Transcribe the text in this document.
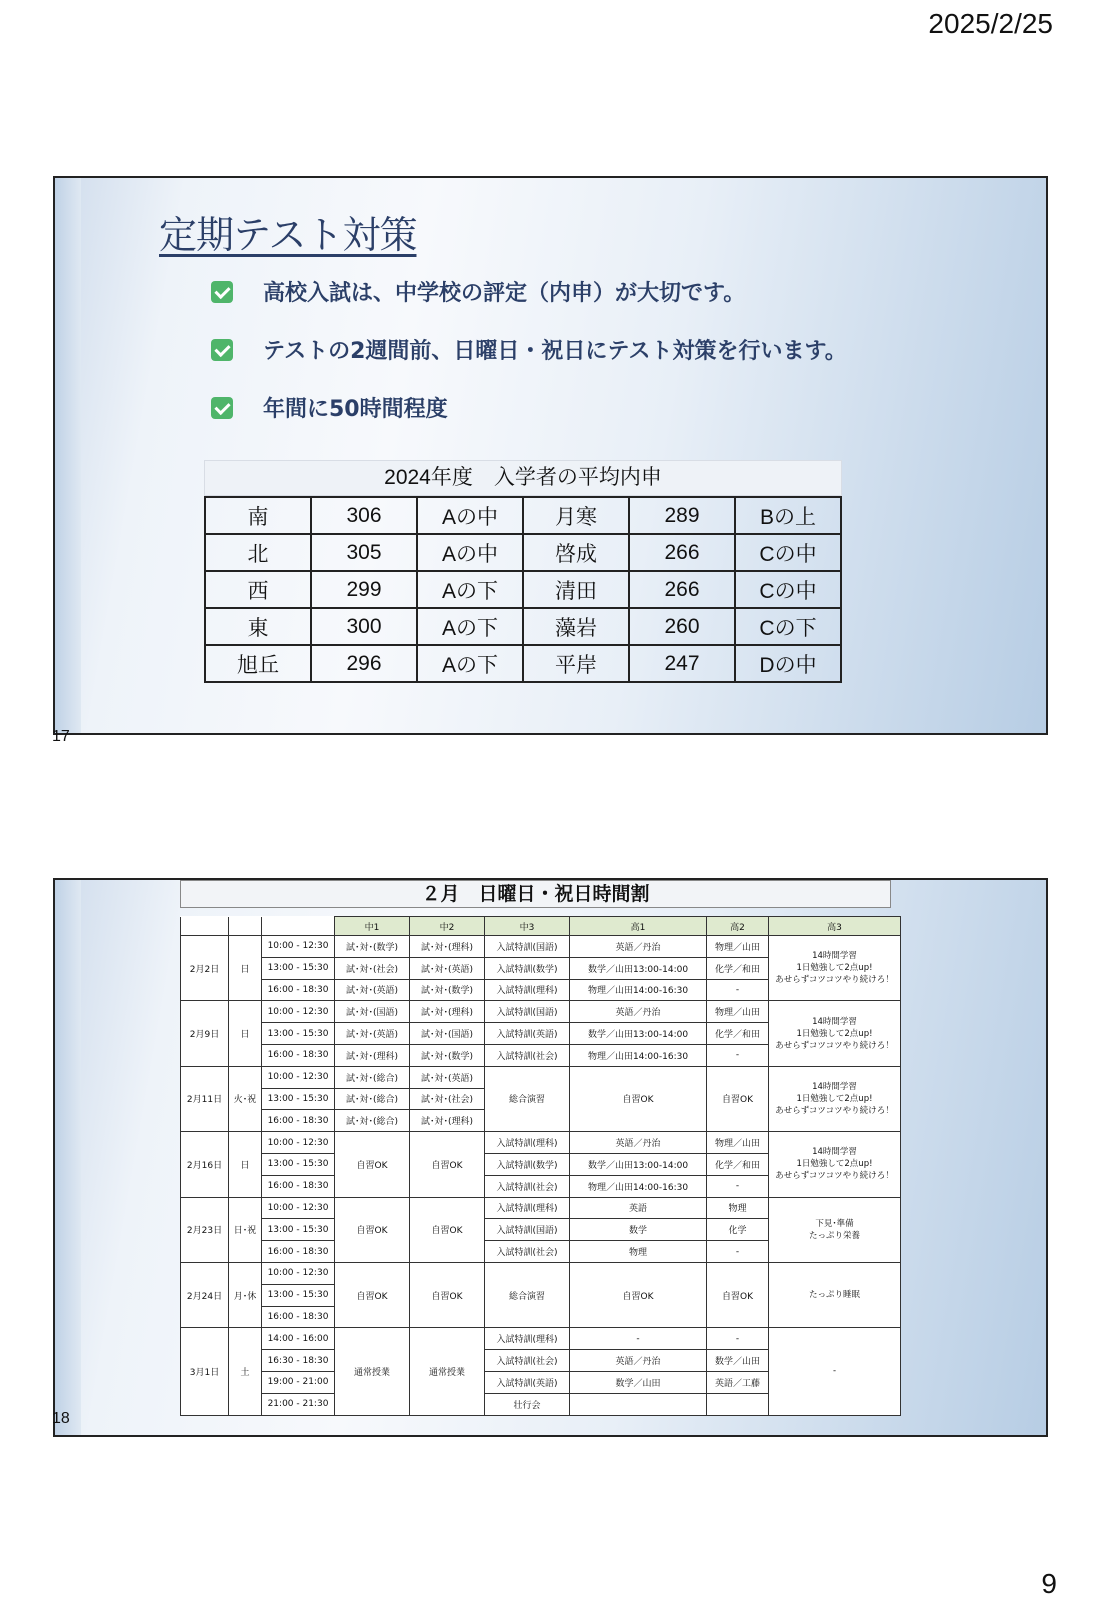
2025/2/25
定期テスト対策
高校入試は、中学校の評定（内申）が大切です。
テストの2週間前、日曜日・祝日にテスト対策を行います。
年間に50時間程度
2024年度　入学者の平均内申
南	306	Aの中	月寒	289	Bの上
北	305	Aの中	啓成	266	Cの中
西	299	Aの下	清田	266	Cの中
東	300	Aの下	藻岩	260	Cの下
旭丘	296	Aの下	平岸	247	Dの中
17
２月　日曜日・祝日時間割
			中1	中2	中3	高1	高2	高3
2月2日	日	10:00 - 12:30	試･対･(数学)	試･対･(理科)	入試特訓(国語)	英語／丹治	物理／山田	14時間学習
1日勉強して2点up!
あせらずコツコツやり続けろ！

		13:00 - 15:30	試･対･(社会)	試･対･(英語)	入試特訓(数学)	数学／山田13:00-14:00	化学／和田	
		16:00 - 18:30	試･対･(英語)	試･対･(数学)	入試特訓(理科)	物理／山田14:00-16:30	-	
2月9日	日	10:00 - 12:30	試･対･(国語)	試･対･(理科)	入試特訓(国語)	英語／丹治	物理／山田	14時間学習
1日勉強して2点up!
あせらずコツコツやり続けろ！

		13:00 - 15:30	試･対･(英語)	試･対･(国語)	入試特訓(英語)	数学／山田13:00-14:00	化学／和田	
		16:00 - 18:30	試･対･(理科)	試･対･(数学)	入試特訓(社会)	物理／山田14:00-16:30	-	
2月11日	火･祝	10:00 - 12:30	試･対･(総合)	試･対･(英語)	総合演習	自習OK	自習OK	14時間学習
1日勉強して2点up!
あせらずコツコツやり続けろ！

		13:00 - 15:30	試･対･(総合)	試･対･(社会)				
		16:00 - 18:30	試･対･(総合)	試･対･(理科)				
2月16日	日	10:00 - 12:30	自習OK	自習OK	入試特訓(理科)	英語／丹治	物理／山田	14時間学習
1日勉強して2点up!
あせらずコツコツやり続けろ！

		13:00 - 15:30			入試特訓(数学)	数学／山田13:00-14:00	化学／和田	
		16:00 - 18:30			入試特訓(社会)	物理／山田14:00-16:30	-	
2月23日	日･祝	10:00 - 12:30	自習OK	自習OK	入試特訓(理科)	英語	物理	下見･準備
たっぷり栄養

		13:00 - 15:30			入試特訓(国語)	数学	化学	
		16:00 - 18:30			入試特訓(社会)	物理	-	
2月24日	月･休	10:00 - 12:30	自習OK	自習OK	総合演習	自習OK	自習OK	たっぷり睡眠

		13:00 - 15:30						
		16:00 - 18:30						
3月1日	土	14:00 - 16:00	通常授業	通常授業	入試特訓(理科)	-	-	-

		16:30 - 18:30			入試特訓(社会)	英語／丹治	数学／山田	
		19:00 - 21:00			入試特訓(英語)	数学／山田	英語／工藤	
		21:00 - 21:30			壮行会			
18
9
